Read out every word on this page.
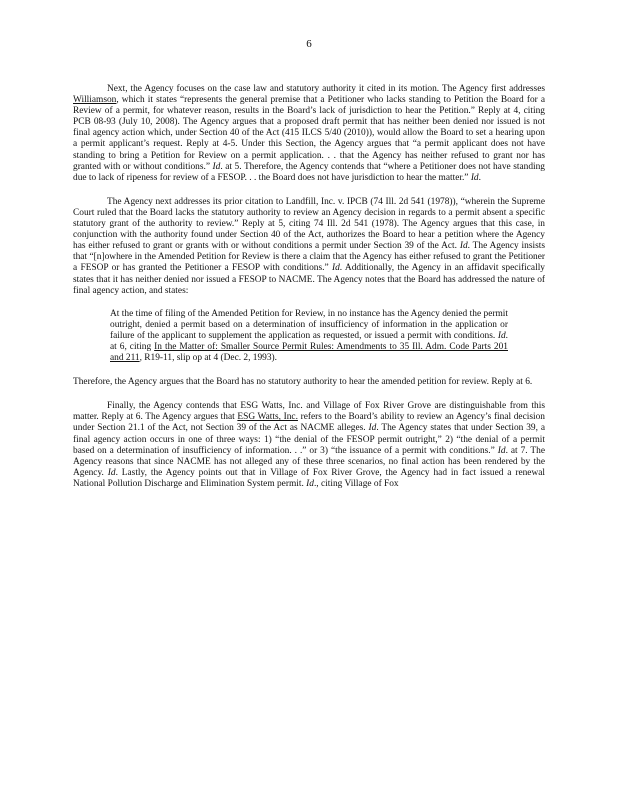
6

Next, the Agency focuses on the case law and statutory authority it cited in its motion. The Agency first addresses Williamson, which it states “represents the general premise that a Petitioner who lacks standing to Petition the Board for a Review of a permit, for whatever reason, results in the Board’s lack of jurisdiction to hear the Petition.” Reply at 4, citing PCB 08-93 (July 10, 2008). The Agency argues that a proposed draft permit that has neither been denied nor issued is not final agency action which, under Section 40 of the Act (415 ILCS 5/40 (2010)), would allow the Board to set a hearing upon a permit applicant’s request. Reply at 4-5. Under this Section, the Agency argues that “a permit applicant does not have standing to bring a Petition for Review on a permit application. . . that the Agency has neither refused to grant nor has granted with or without conditions.” Id. at 5. Therefore, the Agency contends that “where a Petitioner does not have standing due to lack of ripeness for review of a FESOP. . . the Board does not have jurisdiction to hear the matter.” Id.

The Agency next addresses its prior citation to Landfill, Inc. v. IPCB (74 Ill. 2d 541 (1978)), “wherein the Supreme Court ruled that the Board lacks the statutory authority to review an Agency decision in regards to a permit absent a specific statutory grant of the authority to review.” Reply at 5, citing 74 Ill. 2d 541 (1978). The Agency argues that this case, in conjunction with the authority found under Section 40 of the Act, authorizes the Board to hear a petition where the Agency has either refused to grant or grants with or without conditions a permit under Section 39 of the Act. Id. The Agency insists that “[n]owhere in the Amended Petition for Review is there a claim that the Agency has either refused to grant the Petitioner a FESOP or has granted the Petitioner a FESOP with conditions.” Id. Additionally, the Agency in an affidavit specifically states that it has neither denied nor issued a FESOP to NACME. The Agency notes that the Board has addressed the nature of final agency action, and states:

At the time of filing of the Amended Petition for Review, in no instance has the Agency denied the permit outright, denied a permit based on a determination of insufficiency of information in the application or failure of the applicant to supplement the application as requested, or issued a permit with conditions. Id. at 6, citing In the Matter of: Smaller Source Permit Rules: Amendments to 35 Ill. Adm. Code Parts 201 and 211, R19-11, slip op at 4 (Dec. 2, 1993).

Therefore, the Agency argues that the Board has no statutory authority to hear the amended petition for review. Reply at 6.

Finally, the Agency contends that ESG Watts, Inc. and Village of Fox River Grove are distinguishable from this matter. Reply at 6. The Agency argues that ESG Watts, Inc. refers to the Board’s ability to review an Agency’s final decision under Section 21.1 of the Act, not Section 39 of the Act as NACME alleges. Id. The Agency states that under Section 39, a final agency action occurs in one of three ways: 1) “the denial of the FESOP permit outright,” 2) “the denial of a permit based on a determination of insufficiency of information. . .” or 3) “the issuance of a permit with conditions.” Id. at 7. The Agency reasons that since NACME has not alleged any of these three scenarios, no final action has been rendered by the Agency. Id. Lastly, the Agency points out that in Village of Fox River Grove, the Agency had in fact issued a renewal National Pollution Discharge and Elimination System permit. Id., citing Village of Fox
